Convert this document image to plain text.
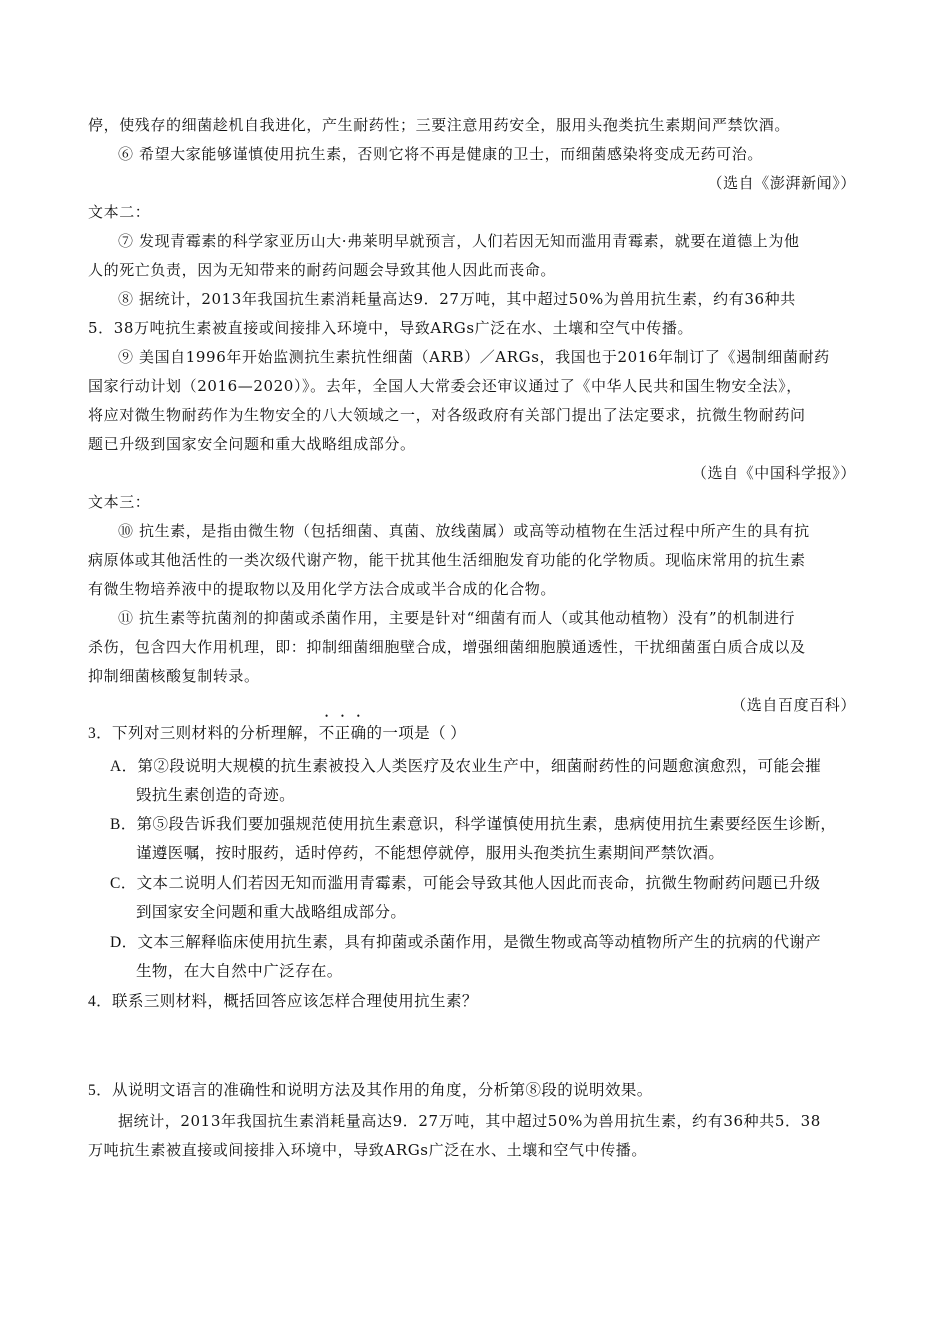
停，使残存的细菌趁机自我进化，产生耐药性；三要注意用药安全，服用头孢类抗生素期间严禁饮酒。
⑥ 希望大家能够谨慎使用抗生素，否则它将不再是健康的卫士，而细菌感染将变成无药可治。
（选自《澎湃新闻》）
文本二：
⑦ 发现青霉素的科学家亚历山大·弗莱明早就预言，人们若因无知而滥用青霉素，就要在道德上为他
人的死亡负责，因为无知带来的耐药问题会导致其他人因此而丧命。
⑧ 据统计，2013年我国抗生素消耗量高达9．27万吨，其中超过50%为兽用抗生素，约有36种共
5．38万吨抗生素被直接或间接排入环境中，导致ARGs广泛在水、土壤和空气中传播。
⑨ 美国自1996年开始监测抗生素抗性细菌（ARB）／ARGs，我国也于2016年制订了《遏制细菌耐药
国家行动计划（2016—2020）》。去年，全国人大常委会还审议通过了《中华人民共和国生物安全法》，
将应对微生物耐药作为生物安全的八大领域之一，对各级政府有关部门提出了法定要求，抗微生物耐药问
题已升级到国家安全问题和重大战略组成部分。
（选自《中国科学报》）
文本三：
⑩ 抗生素，是指由微生物（包括细菌、真菌、放线菌属）或高等动植物在生活过程中所产生的具有抗
病原体或其他活性的一类次级代谢产物，能干扰其他生活细胞发育功能的化学物质。现临床常用的抗生素
有微生物培养液中的提取物以及用化学方法合成或半合成的化合物。
⑪ 抗生素等抗菌剂的抑菌或杀菌作用，主要是针对“细菌有而人（或其他动植物）没有”的机制进行
杀伤，包含四大作用机理，即：抑制细菌细胞壁合成，增强细菌细胞膜通透性，干扰细菌蛋白质合成以及
抑制细菌核酸复制转录。
（选自百度百科）
3．下列对三则材料的分析理解，不正确的一项是（ ）
A．第②段说明大规模的抗生素被投入人类医疗及农业生产中，细菌耐药性的问题愈演愈烈，可能会摧
毁抗生素创造的奇迹。
B．第⑤段告诉我们要加强规范使用抗生素意识，科学谨慎使用抗生素，患病使用抗生素要经医生诊断，
谨遵医嘱，按时服药，适时停药，不能想停就停，服用头孢类抗生素期间严禁饮酒。
C．文本二说明人们若因无知而滥用青霉素，可能会导致其他人因此而丧命，抗微生物耐药问题已升级
到国家安全问题和重大战略组成部分。
D．文本三解释临床使用抗生素，具有抑菌或杀菌作用，是微生物或高等动植物所产生的抗病的代谢产
生物，在大自然中广泛存在。
4．联系三则材料，概括回答应该怎样合理使用抗生素？
5．从说明文语言的准确性和说明方法及其作用的角度，分析第⑧段的说明效果。
据统计，2013年我国抗生素消耗量高达9．27万吨，其中超过50%为兽用抗生素，约有36种共5．38
万吨抗生素被直接或间接排入环境中，导致ARGs广泛在水、土壤和空气中传播。
